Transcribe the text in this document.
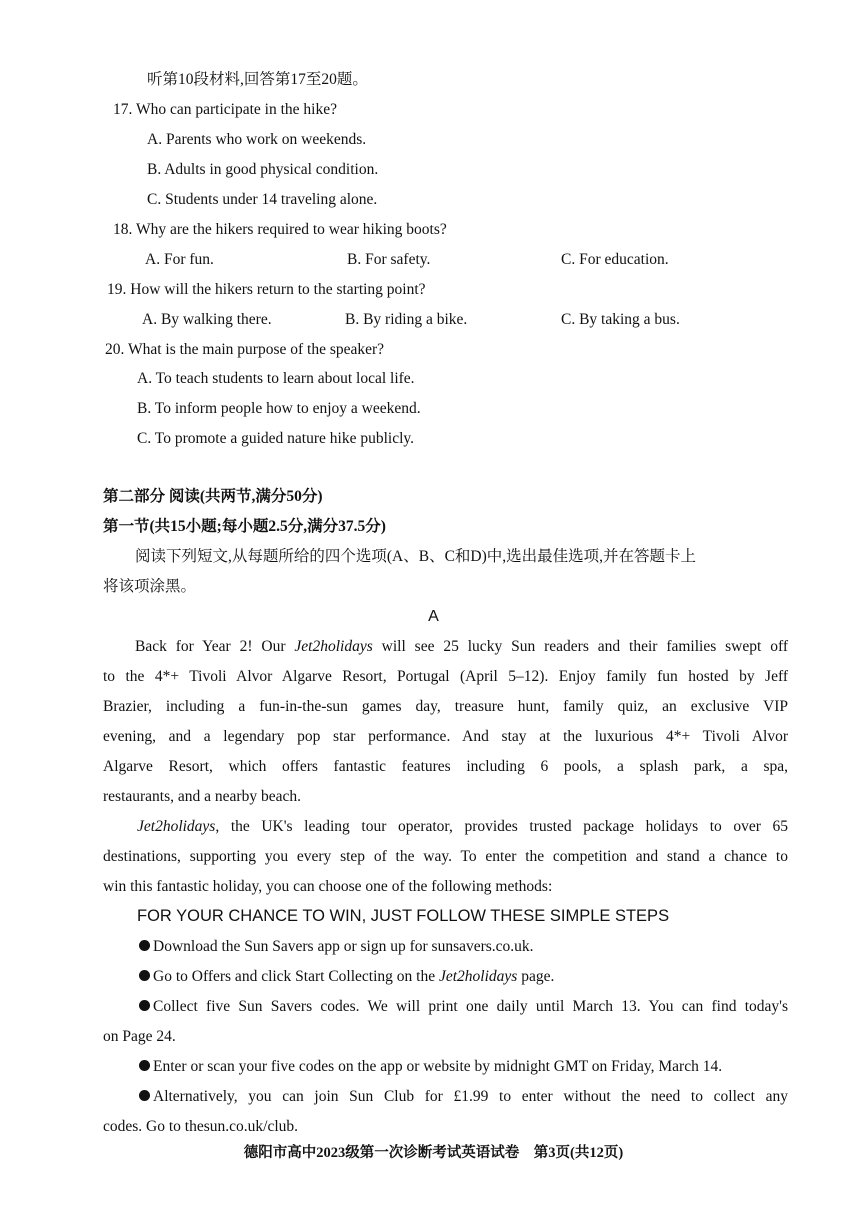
听第10段材料,回答第17至20题。
17. Who can participate in the hike?
A. Parents who work on weekends.
B. Adults in good physical condition.
C. Students under 14 traveling alone.
18. Why are the hikers required to wear hiking boots?
A. For fun.	B. For safety.	C. For education.
19. How will the hikers return to the starting point?
A. By walking there.	B. By riding a bike.	C. By taking a bus.
20. What is the main purpose of the speaker?
A. To teach students to learn about local life.
B. To inform people how to enjoy a weekend.
C. To promote a guided nature hike publicly.
第二部分 阅读(共两节,满分50分)
第一节(共15小题;每小题2.5分,满分37.5分)
阅读下列短文,从每题所给的四个选项(A、B、C和D)中,选出最佳选项,并在答题卡上
将该项涂黑。
A
Back for Year 2! Our Jet2holidays will see 25 lucky Sun readers and their families swept off
to the 4*+ Tivoli Alvor Algarve Resort, Portugal (April 5–12). Enjoy family fun hosted by Jeff
Brazier, including a fun-in-the-sun games day, treasure hunt, family quiz, an exclusive VIP
evening, and a legendary pop star performance. And stay at the luxurious 4*+ Tivoli Alvor
Algarve Resort, which offers fantastic features including 6 pools, a splash park, a spa,
restaurants, and a nearby beach.
Jet2holidays, the UK's leading tour operator, provides trusted package holidays to over 65
destinations, supporting you every step of the way. To enter the competition and stand a chance to
win this fantastic holiday, you can choose one of the following methods:
FOR YOUR CHANCE TO WIN, JUST FOLLOW THESE SIMPLE STEPS
Download the Sun Savers app or sign up for sunsavers.co.uk.
Go to Offers and click Start Collecting on the Jet2holidays page.
Collect five Sun Savers codes. We will print one daily until March 13. You can find today's
on Page 24.
Enter or scan your five codes on the app or website by midnight GMT on Friday, March 14.
Alternatively, you can join Sun Club for £1.99 to enter without the need to collect any
codes. Go to thesun.co.uk/club.
德阳市高中2023级第一次诊断考试英语试卷　第3页(共12页)
